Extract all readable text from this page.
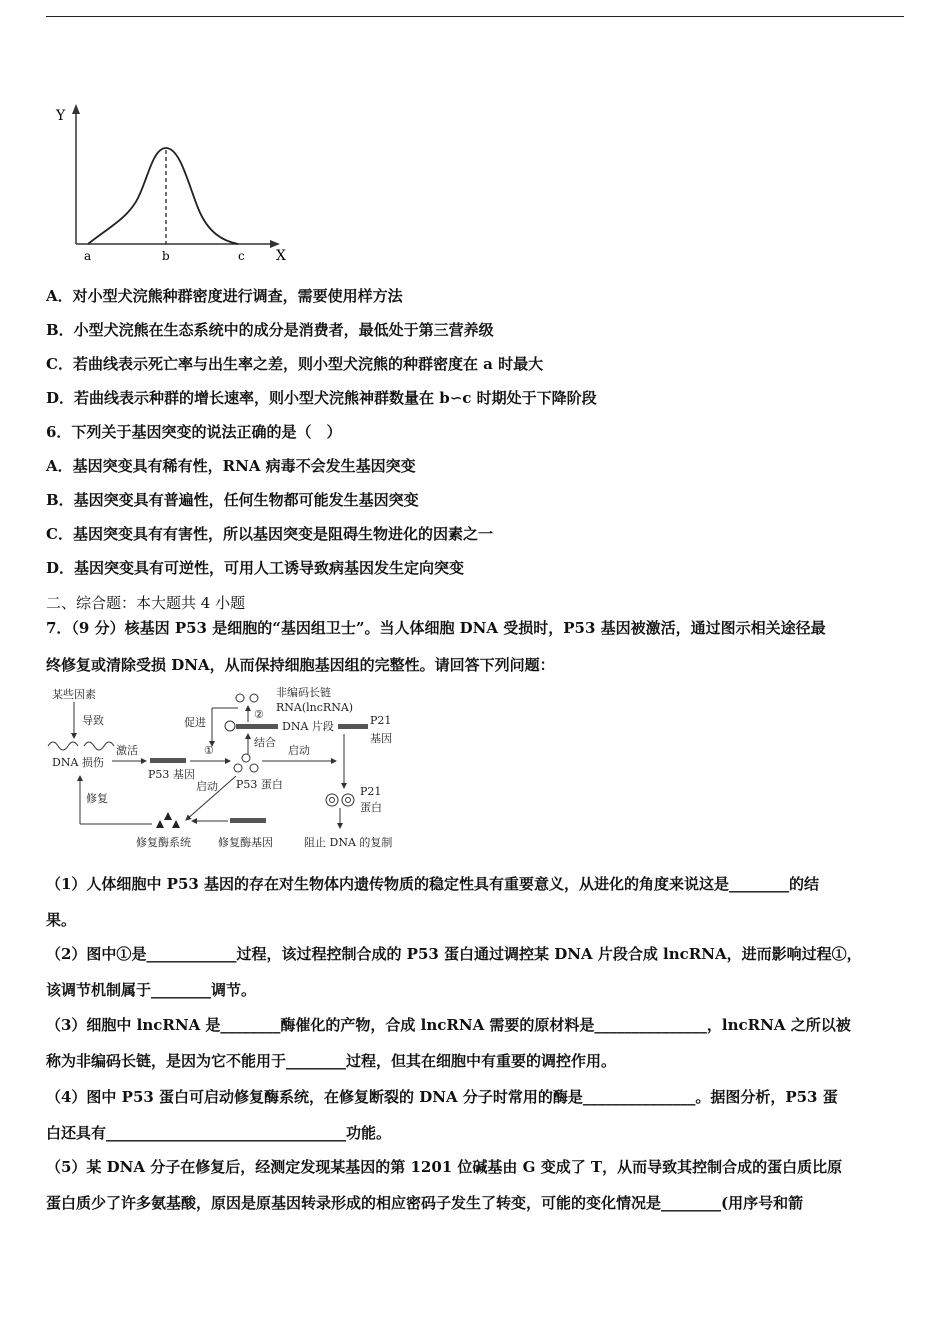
Y
X
a	b	c
A．对小型犬浣熊种群密度进行调查，需要使用样方法
B．小型犬浣熊在生态系统中的成分是消费者，最低处于第三营养级
C．若曲线表示死亡率与出生率之差，则小型犬浣熊的种群密度在 a 时最大
D．若曲线表示种群的增长速率，则小型犬浣熊神群数量在 b∽c 时期处于下降阶段
6．下列关于基因突变的说法正确的是（　）
A．基因突变具有稀有性，RNA 病毒不会发生基因突变
B．基因突变具有普遍性，任何生物都可能发生基因突变
C．基因突变具有有害性，所以基因突变是阻碍生物进化的因素之一
D．基因突变具有可逆性，可用人工诱导致病基因发生定向突变
二、综合题：本大题共 4 小题
7．（9 分）核基因 P53 是细胞的“基因组卫士”。当人体细胞 DNA 受损时，P53 基因被激活，通过图示相关途径最
终修复或清除受损 DNA，从而保持细胞基因组的完整性。请回答下列问题：
某些因素
导致
DNA 损伤
激活
P53 基因
①
促进
非编码长链
RNA(lncRNA)
②
DNA 片段	P21
基因
结合
P53 蛋白
启动
P21
蛋白
启动
修复
修复酶系统 修复酶基因	阻止 DNA 的复制
（1）人体细胞中 P53 基因的存在对生物体内遗传物质的稳定性具有重要意义，从进化的角度来说这是________的结
果。
（2）图中①是____________过程，该过程控制合成的 P53 蛋白通过调控某 DNA 片段合成 lncRNA，进而影响过程①，
该调节机制属于________调节。
（3）细胞中 lncRNA 是________酶催化的产物，合成 lncRNA 需要的原材料是_______________，lncRNA 之所以被
称为非编码长链，是因为它不能用于________过程，但其在细胞中有重要的调控作用。
（4）图中 P53 蛋白可启动修复酶系统，在修复断裂的 DNA 分子时常用的酶是_______________。据图分析，P53 蛋
白还具有________________________________功能。
（5）某 DNA 分子在修复后，经测定发现某基因的第 1201 位碱基由 G 变成了 T，从而导致其控制合成的蛋白质比原
蛋白质少了许多氨基酸，原因是原基因转录形成的相应密码子发生了转变，可能的变化情况是________(用序号和箭
